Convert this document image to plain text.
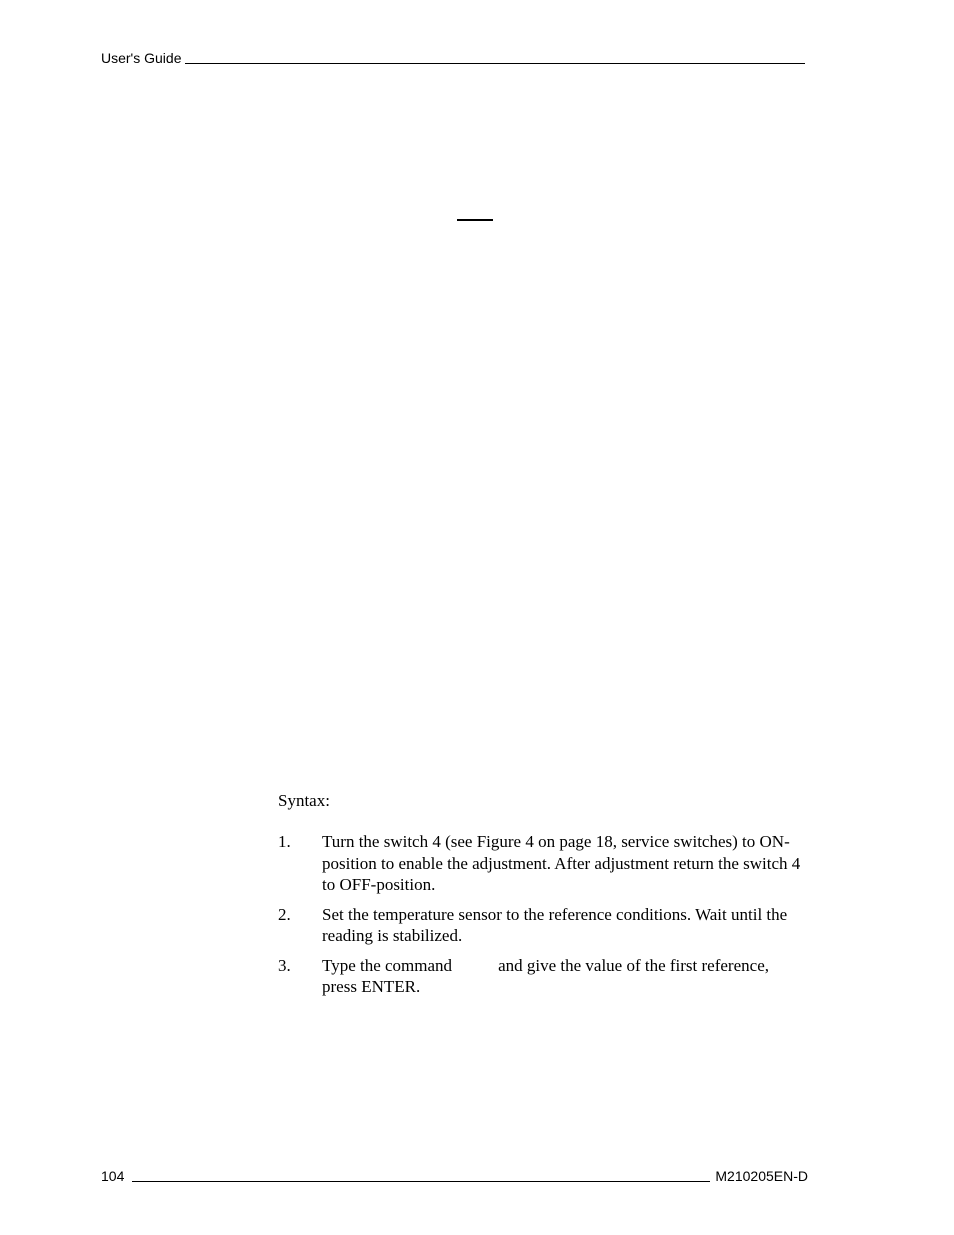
User's Guide
Syntax:
1.	Turn the switch 4 (see Figure 4 on page 18, service switches) to ON-position to enable the adjustment. After adjustment return the switch 4 to OFF-position.
2.	Set the temperature sensor to the reference conditions. Wait until the reading is stabilized.
3.	Type the command	and give the value of the first reference, press ENTER.
104	M210205EN-D
